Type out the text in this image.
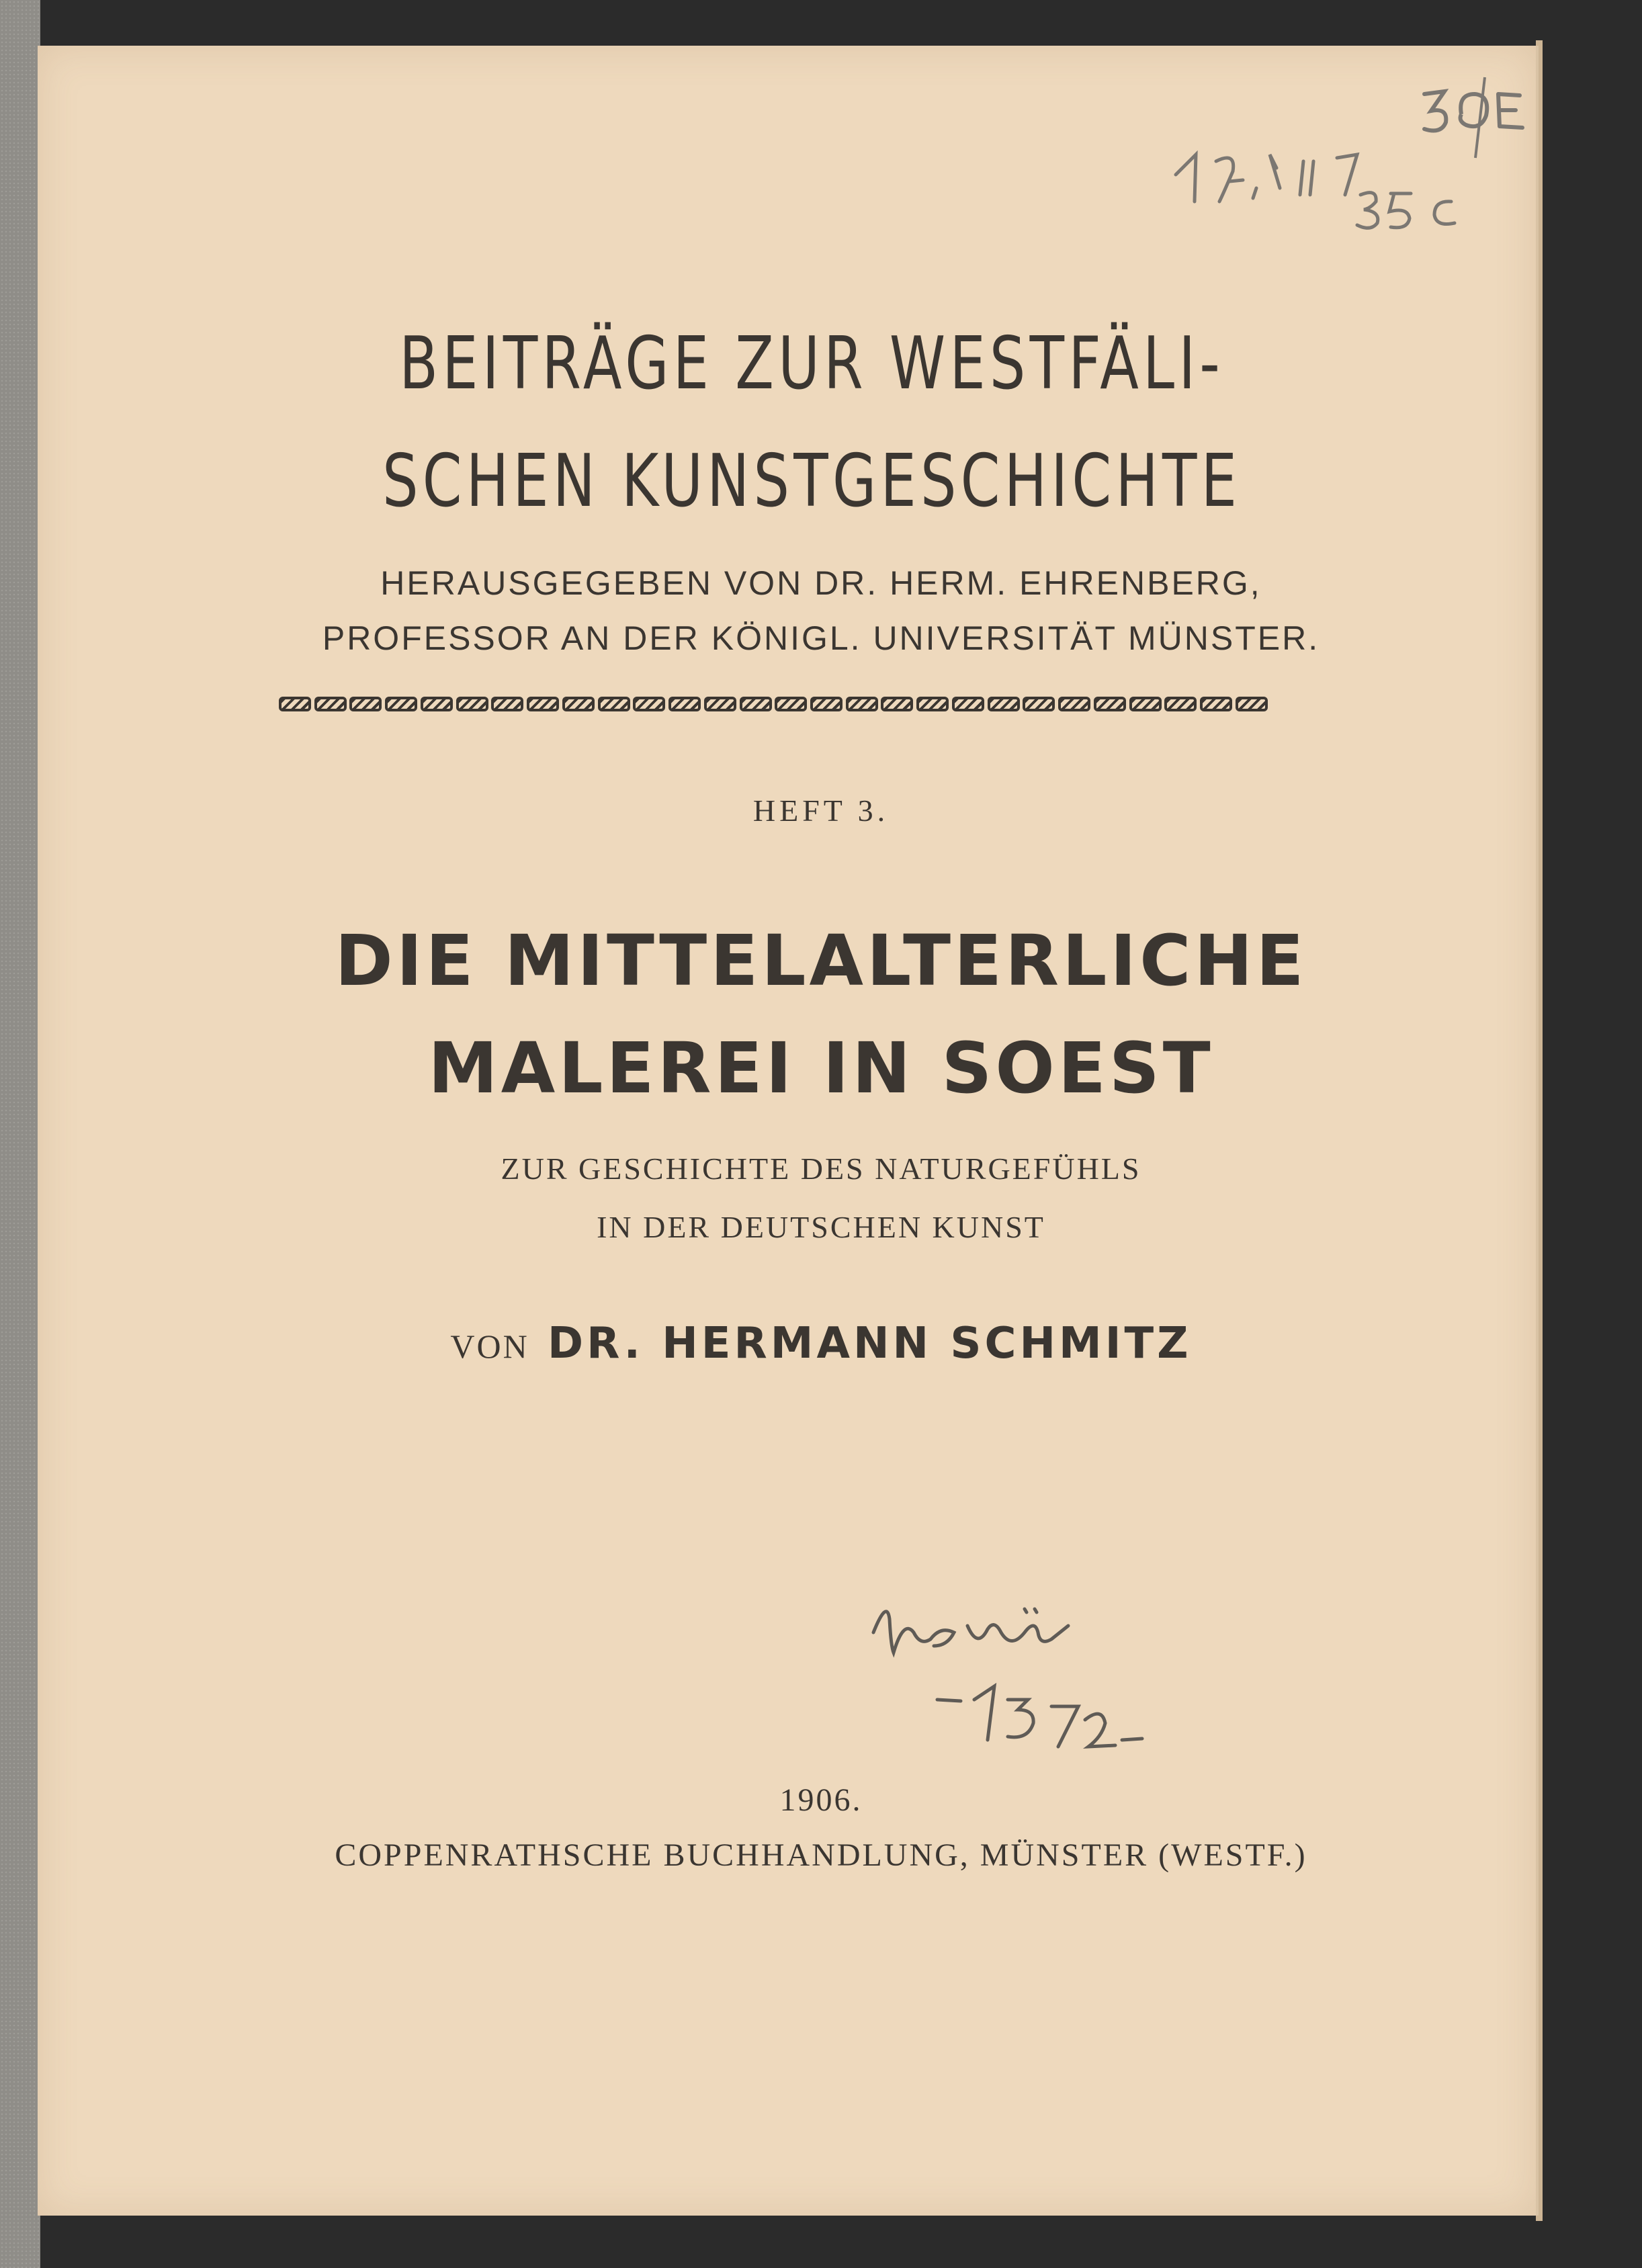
BEITRÄGE ZUR WESTFÄLI-
SCHEN KUNSTGESCHICHTE
HERAUSGEGEBEN VON DR. HERM. EHRENBERG,
PROFESSOR AN DER KÖNIGL. UNIVERSITÄT MÜNSTER.
HEFT 3.
DIE MITTELALTERLICHE
MALEREI IN SOEST
ZUR GESCHICHTE DES NATURGEFÜHLS
IN DER DEUTSCHEN KUNST
VON DR. HERMANN SCHMITZ
1906.
COPPENRATHSCHE BUCHHANDLUNG, MÜNSTER (WESTF.)
